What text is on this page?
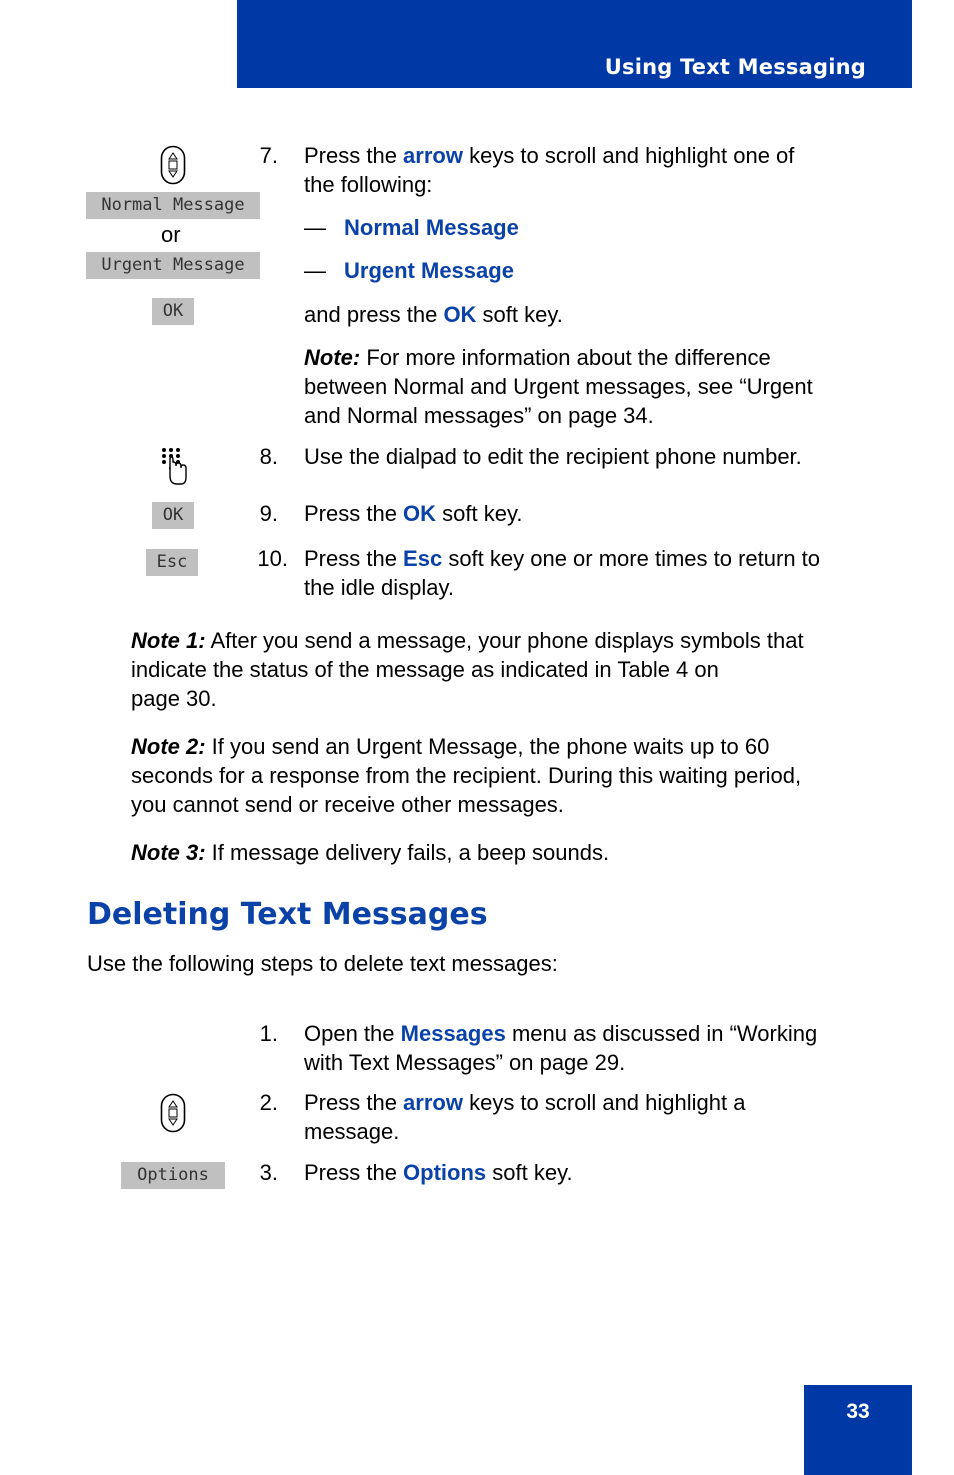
Using Text Messaging
Normal Message
or
Urgent Message
OK
7. Press the arrow keys to scroll and highlight one of
the following:
— Normal Message
— Urgent Message
and press the OK soft key.
Note: For more information about the difference
between Normal and Urgent messages, see “Urgent
and Normal messages” on page 34.
8. Use the dialpad to edit the recipient phone number.
OK	9. Press the OK soft key.
Esc	10. Press the Esc soft key one or more times to return to
the idle display.
Note 1: After you send a message, your phone displays symbols that
indicate the status of the message as indicated in Table 4 on
page 30.
Note 2: If you send an Urgent Message, the phone waits up to 60
seconds for a response from the recipient. During this waiting period,
you cannot send or receive other messages.
Note 3: If message delivery fails, a beep sounds.
Deleting Text Messages
Use the following steps to delete text messages:
1. Open the Messages menu as discussed in “Working
with Text Messages” on page 29.
2. Press the arrow keys to scroll and highlight a
message.
Options	3. Press the Options soft key.
33
